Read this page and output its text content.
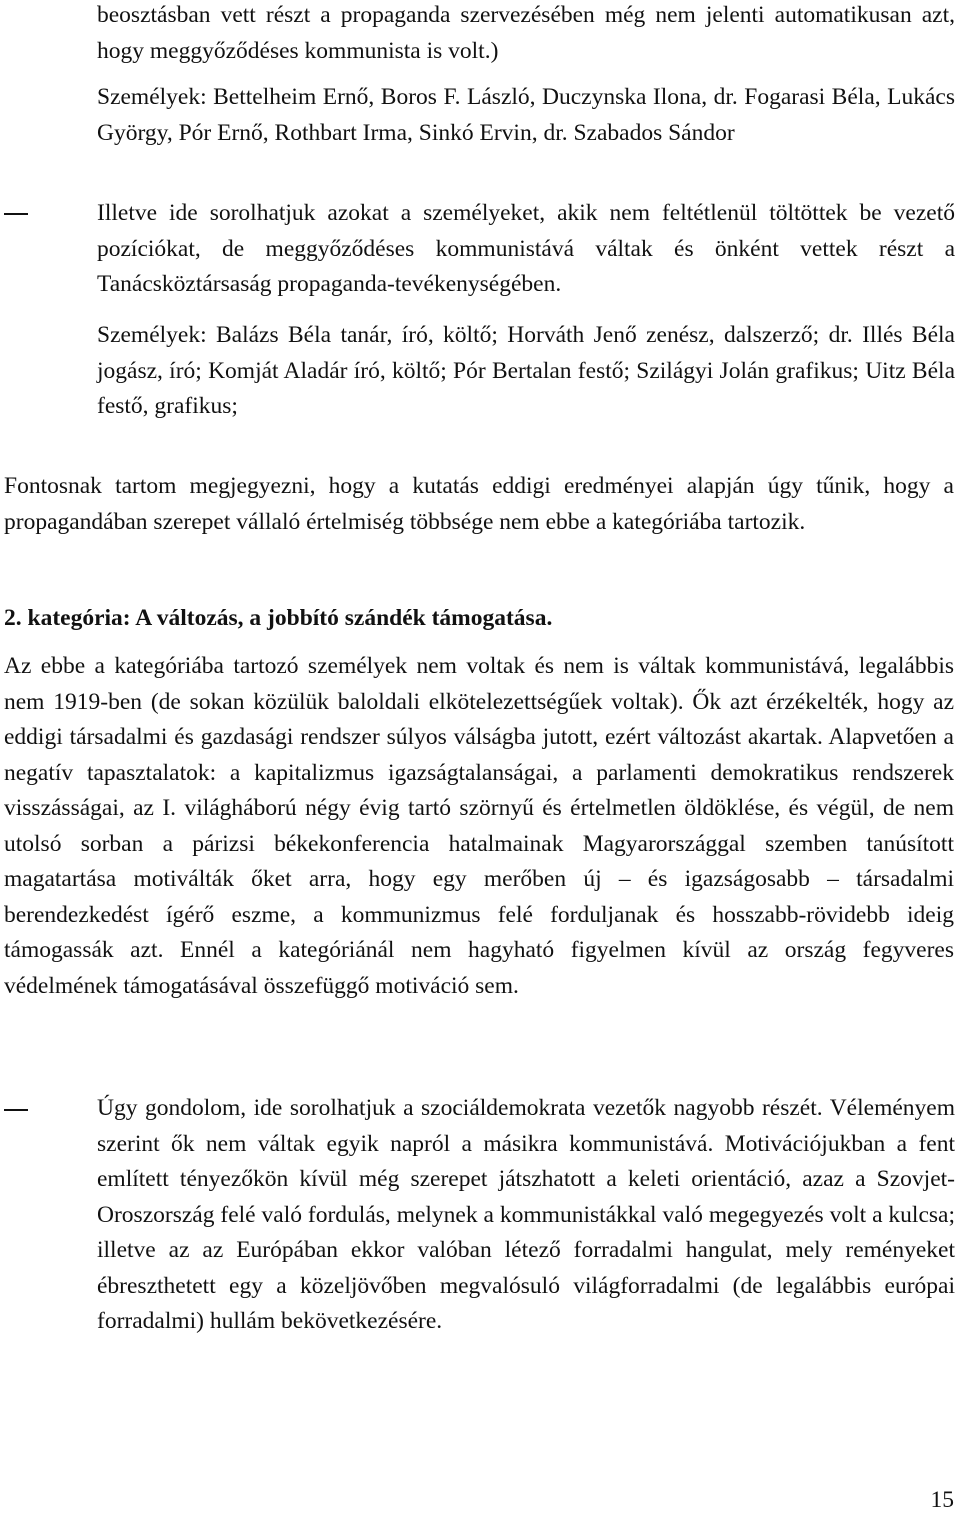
beosztásban vett részt a propaganda szervezésében még nem jelenti automatikusan azt, hogy meggyőződéses kommunista is volt.)
Személyek: Bettelheim Ernő, Boros F. László, Duczynska Ilona, dr. Fogarasi Béla, Lukács György, Pór Ernő, Rothbart Irma, Sinkó Ervin, dr. Szabados Sándor
Illetve ide sorolhatjuk azokat a személyeket, akik nem feltétlenül töltöttek be vezető pozíciókat, de meggyőződéses kommunistává váltak és önként vettek részt a Tanácsköztársaság propaganda-tevékenységében.
Személyek: Balázs Béla tanár, író, költő; Horváth Jenő zenész, dalszerző; dr. Illés Béla jogász, író; Komját Aladár író, költő; Pór Bertalan festő; Szilágyi Jolán grafikus; Uitz Béla festő, grafikus;
Fontosnak tartom megjegyezni, hogy a kutatás eddigi eredményei alapján úgy tűnik, hogy a propagandában szerepet vállaló értelmiség többsége nem ebbe a kategóriába tartozik.
2. kategória: A változás, a jobbító szándék támogatása.
Az ebbe a kategóriába tartozó személyek nem voltak és nem is váltak kommunistává, legalábbis nem 1919-ben (de sokan közülük baloldali elkötelezettségűek voltak). Ők azt érzékelték, hogy az eddigi társadalmi és gazdasági rendszer súlyos válságba jutott, ezért változást akartak. Alapvetően a negatív tapasztalatok: a kapitalizmus igazságtalanságai, a parlamenti demokratikus rendszerek visszásságai, az I. világháború négy évig tartó szörnyű és értelmetlen öldöklése, és végül, de nem utolsó sorban a párizsi békekonferencia hatalmainak Magyarországgal szemben tanúsított magatartása motiválták őket arra, hogy egy merőben új – és igazságosabb – társadalmi berendezkedést ígérő eszme, a kommunizmus felé forduljanak és hosszabb-rövidebb ideig támogassák azt. Ennél a kategóriánál nem hagyható figyelmen kívül az ország fegyveres védelmének támogatásával összefüggő motiváció sem.
Úgy gondolom, ide sorolhatjuk a szociáldemokrata vezetők nagyobb részét. Véleményem szerint ők nem váltak egyik napról a másikra kommunistává. Motivációjukban a fent említett tényezőkön kívül még szerepet játszhatott a keleti orientáció, azaz a Szovjet-Oroszország felé való fordulás, melynek a kommunistákkal való megegyezés volt a kulcsa; illetve az az Európában ekkor valóban létező forradalmi hangulat, mely reményeket ébreszthetett egy a közeljövőben megvalósuló világforradalmi (de legalábbis európai forradalmi) hullám bekövetkezésére.
15
